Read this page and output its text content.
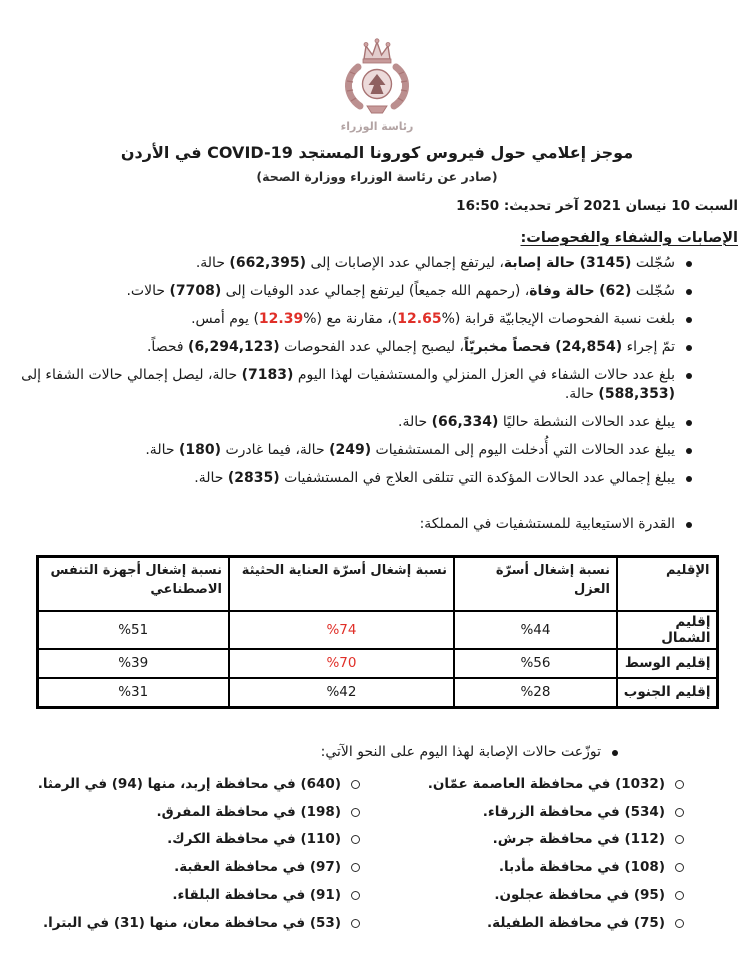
رئاسة الوزراء
موجز إعلامي حول فيروس كورونا المستجد COVID-19 في الأردن
(صادر عن رئاسة الوزراء ووزارة الصحة)
السبت 10 نيسان 2021 آخر تحديث: 16:50
الإصابات والشفاء والفحوصات:
سُجّلت (3145) حالة إصابة، ليرتفع إجمالي عدد الإصابات إلى (662,395) حالة.
سُجّلت (62) حالة وفاة، (رحمهم الله جميعاً) ليرتفع إجمالي عدد الوفيات إلى (7708) حالات.
بلغت نسبة الفحوصات الإيجابيّة قرابة (%12.65)، مقارنة مع (%12.39) يوم أمس.
تمّ إجراء (24,854) فحصاً مخبريّاً، ليصبح إجمالي عدد الفحوصات (6,294,123) فحصاً.
بلغ عدد حالات الشفاء في العزل المنزلي والمستشفيات لهذا اليوم (7183) حالة، ليصل إجمالي حالات الشفاء إلى (588,353) حالة.
يبلغ عدد الحالات النشطة حاليًا (66,334) حالة.
يبلغ عدد الحالات التي أُدخلت اليوم إلى المستشفيات (249) حالة، فيما غادرت (180) حالة.
يبلغ إجمالي عدد الحالات المؤكدة التي تتلقى العلاج في المستشفيات (2835) حالة.
القدرة الاستيعابية للمستشفيات في المملكة:
الإقليم	نسبة إشغال أسرّة العزل	نسبة إشغال أسرّة العناية الحثيثة	نسبة إشغال أجهزة التنفس الاصطناعي
إقليم الشمال	%44	%74	%51
إقليم الوسط	%56	%70	%39
إقليم الجنوب	%28	%42	%31
توزّعت حالات الإصابة لهذا اليوم على النحو الآتي:
(1032) في محافظة العاصمة عمّان.
(534) في محافظة الزرقاء.
(112) في محافظة جرش.
(108) في محافظة مأدبا.
(95) في محافظة عجلون.
(75) في محافظة الطفيلة.
(640) في محافظة إربد، منها (94) في الرمثا.
(198) في محافظة المفرق.
(110) في محافظة الكرك.
(97) في محافظة العقبة.
(91) في محافظة البلقاء.
(53) في محافظة معان، منها (31) في البترا.
